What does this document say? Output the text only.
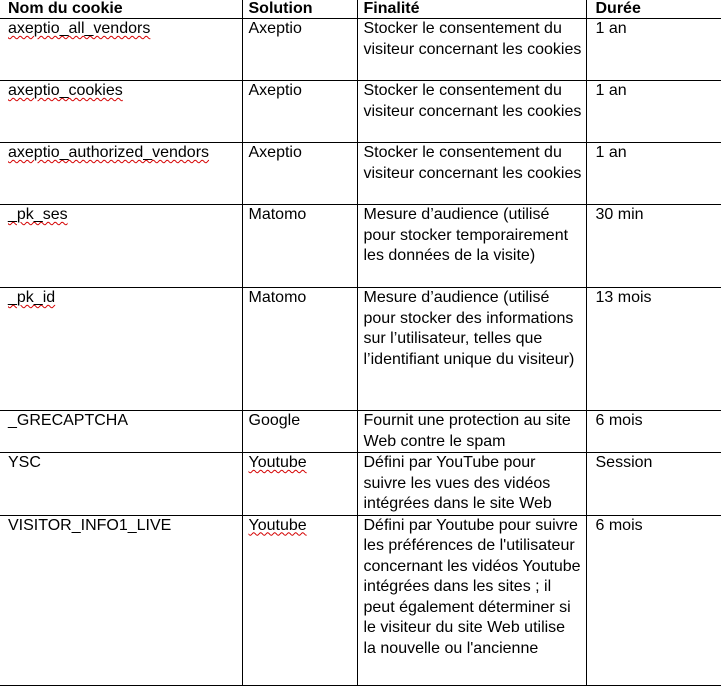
Nom du cookie	Solution	Finalité	Durée
axeptio_all_vendors	Axeptio	Stocker le consentement du visiteur concernant les cookies	1 an
axeptio_cookies	Axeptio	Stocker le consentement du visiteur concernant les cookies	1 an
axeptio_authorized_vendors	Axeptio	Stocker le consentement du visiteur concernant les cookies	1 an
_pk_ses	Matomo	Mesure d’audience (utilisé pour stocker temporairement les données de la visite)	30 min
_pk_id	Matomo	Mesure d’audience (utilisé pour stocker des informations sur l’utilisateur, telles que l’identifiant unique du visiteur)	13 mois
_GRECAPTCHA	Google	Fournit une protection au site Web contre le spam	6 mois
YSC	Youtube	Défini par YouTube pour suivre les vues des vidéos intégrées dans le site Web	Session
VISITOR_INFO1_LIVE	Youtube	Défini par Youtube pour suivre les préférences de l'utilisateur concernant les vidéos Youtube intégrées dans les sites ; il peut également déterminer si le visiteur du site Web utilise la nouvelle ou l'ancienne	6 mois
